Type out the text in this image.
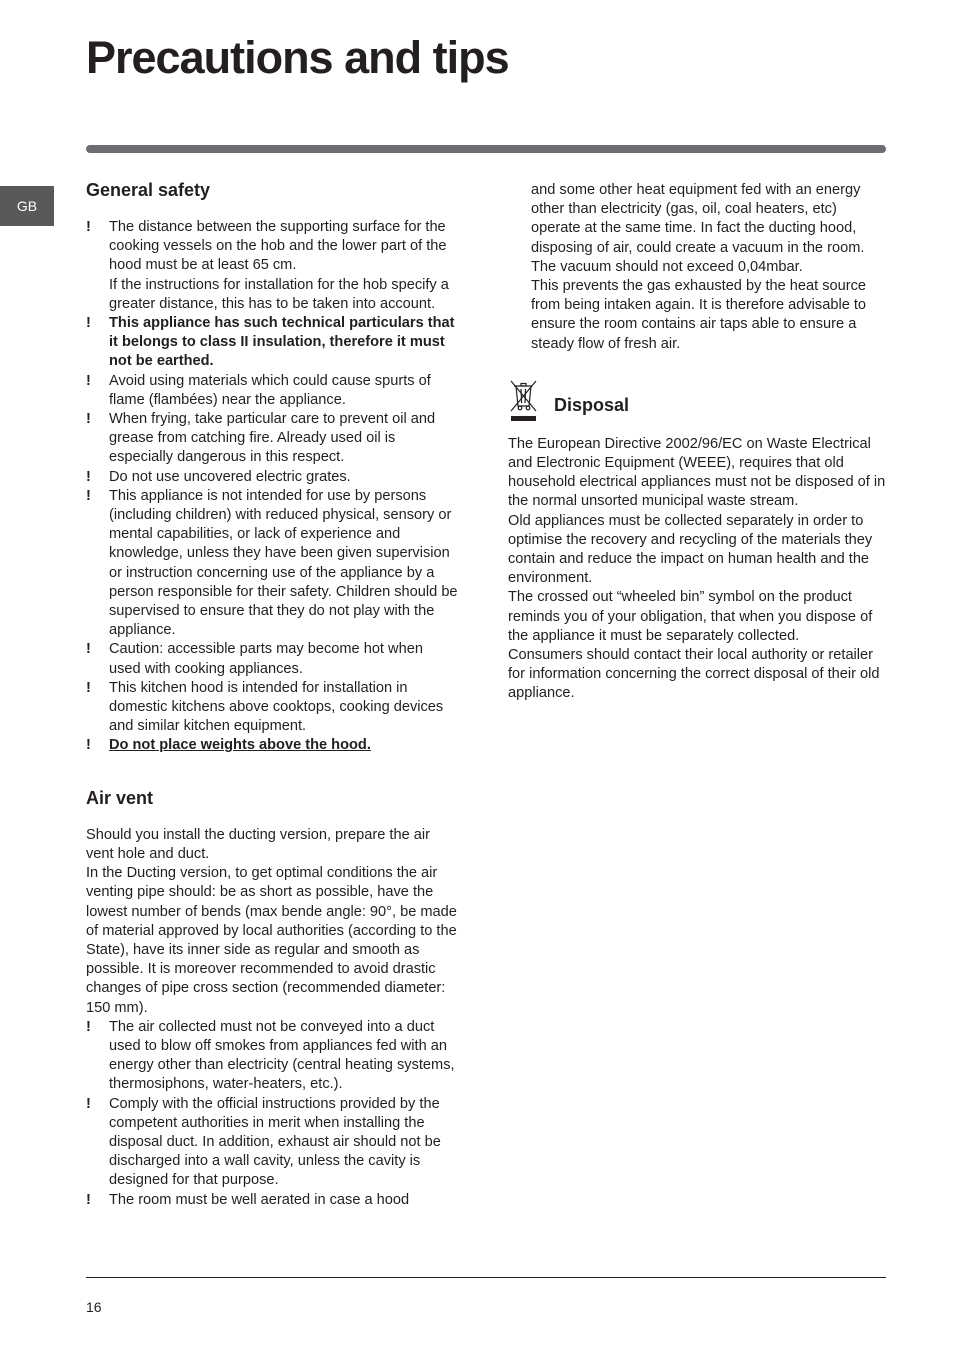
Precautions and tips
GB
General safety
! The distance between the supporting surface for the cooking vessels on the hob and the lower part of the hood must be at least 65 cm.

If the instructions for installation for the hob specify a greater distance, this has to be taken into account.

! This appliance has such technical particulars that it belongs to class II insulation, therefore it must not be earthed.

! Avoid using materials which could cause spurts of flame (flambées) near the appliance.

! When frying, take particular care to prevent oil and grease from catching fire. Already used oil is especially dangerous in this respect.

! Do not use uncovered electric grates.

! This appliance is not intended for use by persons (including children) with reduced physical, sensory or mental capabilities, or lack of experience and knowledge, unless they have been given supervision or instruction concerning use of the appliance by a person responsible for their safety. Children should be supervised to ensure that they do not play with the appliance.

! Caution: accessible parts may become hot when used with cooking appliances.

! This kitchen hood is intended for installation in domestic kitchens above cooktops, cooking devices and similar kitchen equipment.

! Do not place weights above the hood.

Air vent

Should you install the ducting version, prepare the air vent hole and duct.

In the Ducting version, to get optimal conditions the air venting pipe should: be as short as possible, have the lowest number of bends (max bende angle: 90°, be made of material approved by local authorities (according to the State), have its inner side as regular and smooth as possible. It is moreover recommended to avoid drastic changes of pipe cross section (recommended diameter: 150 mm).

! The air collected must not be conveyed into a duct used to blow off smokes from appliances fed with an energy other than electricity (central heating systems, thermosiphons, water-heaters, etc.).

! Comply with the official instructions provided by the competent authorities in merit when installing the disposal duct. In addition, exhaust air should not be discharged into a wall cavity, unless the cavity is designed for that purpose.

! The room must be well aerated in case a hood

and some other heat equipment fed with an energy other than electricity (gas, oil, coal heaters, etc) operate at the same time. In fact the ducting hood, disposing of air, could create a vacuum in the room. The vacuum should not exceed 0,04mbar.

This prevents the gas exhausted by the heat source from being intaken again. It is therefore advisable to ensure the room contains air taps able to ensure a steady flow of fresh air.

Disposal

The European Directive 2002/96/EC on Waste Electrical and Electronic Equipment (WEEE), requires that old household electrical appliances must not be disposed of in the normal unsorted municipal waste stream.

Old appliances must be collected separately in order to optimise the recovery and recycling of the materials they contain and reduce the impact on human health and the environment.

The crossed out “wheeled bin” symbol on the product reminds you of your obligation, that when you dispose of the appliance it must be separately collected.

Consumers should contact their local authority or retailer for information concerning the correct disposal of their old appliance.

16
